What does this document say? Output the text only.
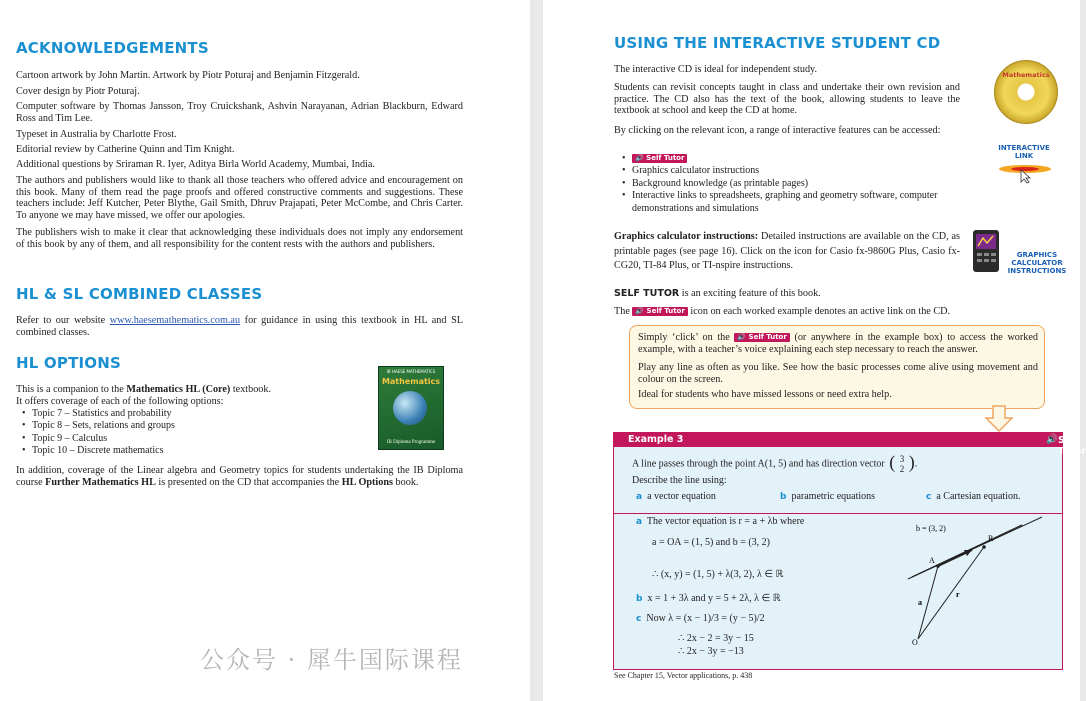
ACKNOWLEDGEMENTS

Cartoon artwork by John Martin. Artwork by Piotr Poturaj and Benjamin Fitzgerald.

Cover design by Piotr Poturaj.

Computer software by Thomas Jansson, Troy Cruickshank, Ashvin Narayanan, Adrian Blackburn, Edward Ross and Tim Lee.

Typeset in Australia by Charlotte Frost.

Editorial review by Catherine Quinn and Tim Knight.

Additional questions by Sriraman R. Iyer, Aditya Birla World Academy, Mumbai, India.

The authors and publishers would like to thank all those teachers who offered advice and encouragement on this book. Many of them read the page proofs and offered constructive comments and suggestions. These teachers include: Jeff Kutcher, Peter Blythe, Gail Smith, Dhruv Prajapati, Peter McCombe, and Chris Carter. To anyone we may have missed, we offer our apologies.

The publishers wish to make it clear that acknowledging these individuals does not imply any endorsement of this book by any of them, and all responsibility for the content rests with the authors and publishers.

HL & SL COMBINED CLASSES

Refer to our website www.haesemathematics.com.au for guidance in using this textbook in HL and SL combined classes.

HL OPTIONS

This is a companion to the Mathematics HL (Core) textbook.

It offers coverage of each of the following options:

• Topic 7 – Statistics and probability
• Topic 8 – Sets, relations and groups
• Topic 9 – Calculus
• Topic 10 – Discrete mathematics

In addition, coverage of the Linear algebra and Geometry topics for students undertaking the IB Diploma course Further Mathematics HL is presented on the CD that accompanies the HL Options book.

IB HAESE MATHEMATICS
Mathematics
IB Diploma Programme
USING THE INTERACTIVE STUDENT CD

The interactive CD is ideal for independent study.

Students can revisit concepts taught in class and undertake their own revision and practice. The CD also has the text of the book, allowing students to leave the textbook at school and keep the CD at home.

By clicking on the relevant icon, a range of interactive features can be accessed:

• 🔊 Self Tutor
• Graphics calculator instructions
• Background knowledge (as printable pages)
• Interactive links to spreadsheets, graphing and geometry software, computer demonstrations and simulations

Graphics calculator instructions: Detailed instructions are available on the CD, as printable pages (see page 16). Click on the icon for Casio fx-9860G Plus, Casio fx-CG20, TI-84 Plus, or TI-nspire instructions.

SELF TUTOR is an exciting feature of this book.

The 🔊 Self Tutor icon on each worked example denotes an active link on the CD.

Mathematics
INTERACTIVE LINK
GRAPHICS CALCULATOR INSTRUCTIONS

Simply ‘click’ on the 🔊 Self Tutor (or anywhere in the example box) to access the worked example, with a teacher’s voice explaining each step necessary to reach the answer.

Play any line as often as you like. See how the basic processes come alive using movement and colour on the screen.

Ideal for students who have missed lessons or need extra help.

Example 3	🔊 Self Tutor
A line passes through the point A(1, 5) and has direction vector ( 3
2 ).
Describe the line using:
a a vector equation	b parametric equations	c a Cartesian equation.
a The vector equation is r = a + λb where
a = OA = (1, 5) and b = (3, 2)
∴ (x, y) = (1, 5) + λ(3, 2), λ ∈ ℝ
b x = 1 + 3λ and y = 5 + 2λ, λ ∈ ℝ
c Now λ = (x − 1)/3 = (y − 5)/2
∴ 2x − 2 = 3y − 15
∴ 2x − 3y = −13
A
R
a
r
O
b = (3, 2)

See Chapter 15, Vector applications, p. 438

公众号 · 犀牛国际课程
